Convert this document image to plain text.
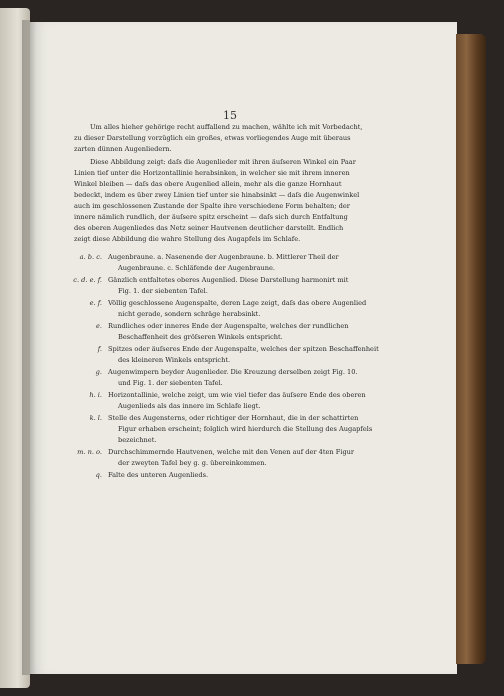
15
Um alles hieher gehörige recht auffallend zu machen, wählte ich mit Vorbedacht,
zu dieser Darstellung vorzüglich ein großes, etwas vorliegendes Auge mit überaus
zarten dünnen Augenliedern.
Diese Abbildung zeigt: daſs die Augenlieder mit ihren äuſseren Winkel ein Paar
Linien tief unter die Horizontallinie herabsinken, in welcher sie mit ihrem inneren
Winkel bleiben — daſs das obere Augenlied allein, mehr als die ganze Hornhaut
bedeckt, indem es über zwey Linien tief unter sie hinabsinkt — daſs die Augenwinkel
auch im geschlossenen Zustande der Spalte ihre verschiedene Form behalten; der
innere nämlich rundlich, der äuſsere spitz erscheint — daſs sich durch Entfaltung
des oberen Augenliedes das Netz seiner Hautvenen deutlicher darstellt. Endlich
zeigt diese Abbildung die wahre Stellung des Augapfels im Schlafe.
a. b. c. Augenbraune. a. Nasenende der Augenbraune. b. Mittlerer Theil der
Augenbraune. c. Schläfende der Augenbraune.
c. d. e. f. Gänzlich entfaltetes oberes Augenlied. Diese Darstellung harmonirt mit
Fig. 1. der siebenten Tafel.
e. f. Völlig geschlossene Augenspalte, deren Lage zeigt, daſs das obere Augenlied
nicht gerade, sondern schräge herabsinkt.
e. Rundliches oder inneres Ende der Augenspalte, welches der rundlichen
Beschaffenheit des gröſseren Winkels entspricht.
f. Spitzes oder äuſseres Ende der Augenspalte, welches der spitzen Beschaffenheit
des kleineren Winkels entspricht.
g. Augenwimpern beyder Augenlieder. Die Kreuzung derselben zeigt Fig. 10.
und Fig. 1. der siebenten Tafel.
h. i. Horizontallinie, welche zeigt, um wie viel tiefer das äuſsere Ende des oberen
Augenlieds als das innere im Schlafe liegt.
k. l. Stelle des Augensterns, oder richtiger der Hornhaut, die in der schattirten
Figur erhaben erscheint; folglich wird hierdurch die Stellung des Augapfels
bezeichnet.
m. n. o. Durchschimmernde Hautvenen, welche mit den Venen auf der 4ten Figur
der zweyten Tafel bey g. g. übereinkommen.
q. Falte des unteren Augenlieds.
